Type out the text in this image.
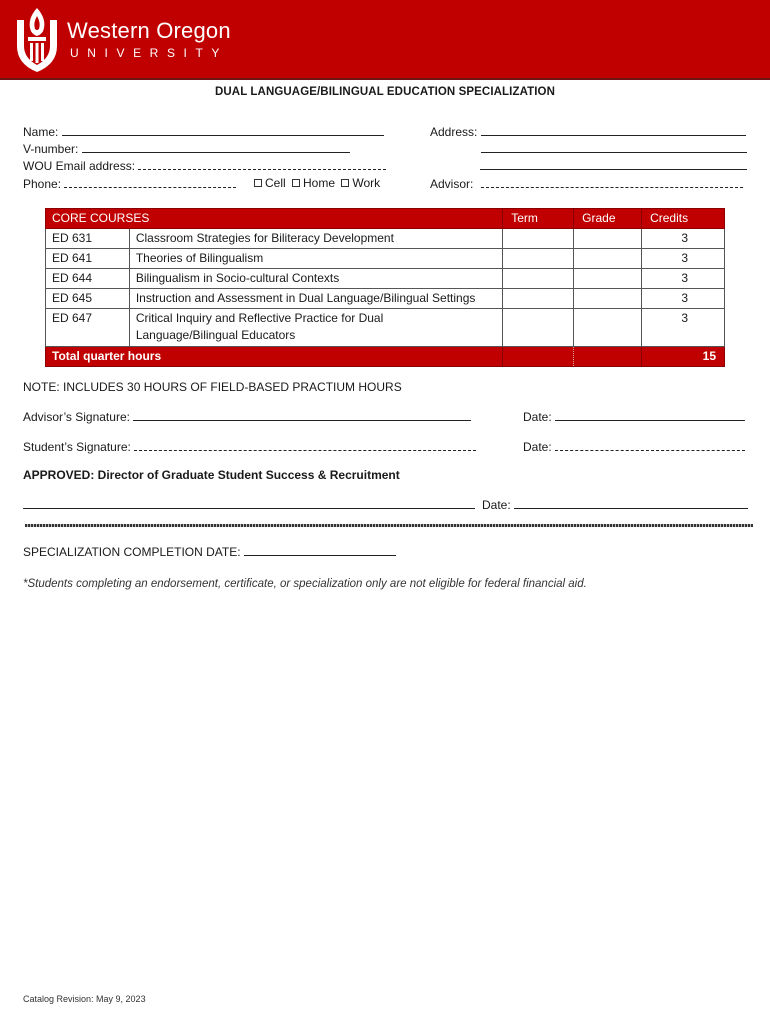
Western Oregon
UNIVERSITY
DUAL LANGUAGE/BILINGUAL EDUCATION SPECIALIZATION
Name:
V-number:
WOU Email address:
Phone:	Cell Home Work
Address:
Advisor:
CORE COURSES		Term	Grade	Credits
ED 631	Classroom Strategies for Biliteracy Development			3
ED 641	Theories of Bilingualism			3
ED 644	Bilingualism in Socio-cultural Contexts			3
ED 645	Instruction and Assessment in Dual Language/Bilingual Settings			3
ED 647	Critical Inquiry and Reflective Practice for Dual Language/Bilingual Educators			3
Total quarter hours				15
NOTE: INCLUDES 30 HOURS OF FIELD-BASED PRACTIUM HOURS
Advisor’s Signature:	Date:
Student’s Signature:	Date:
APPROVED: Director of Graduate Student Success & Recruitment
Date:
SPECIALIZATION COMPLETION DATE:
*Students completing an endorsement, certificate, or specialization only are not eligible for federal financial aid.
Catalog Revision: May 9, 2023
